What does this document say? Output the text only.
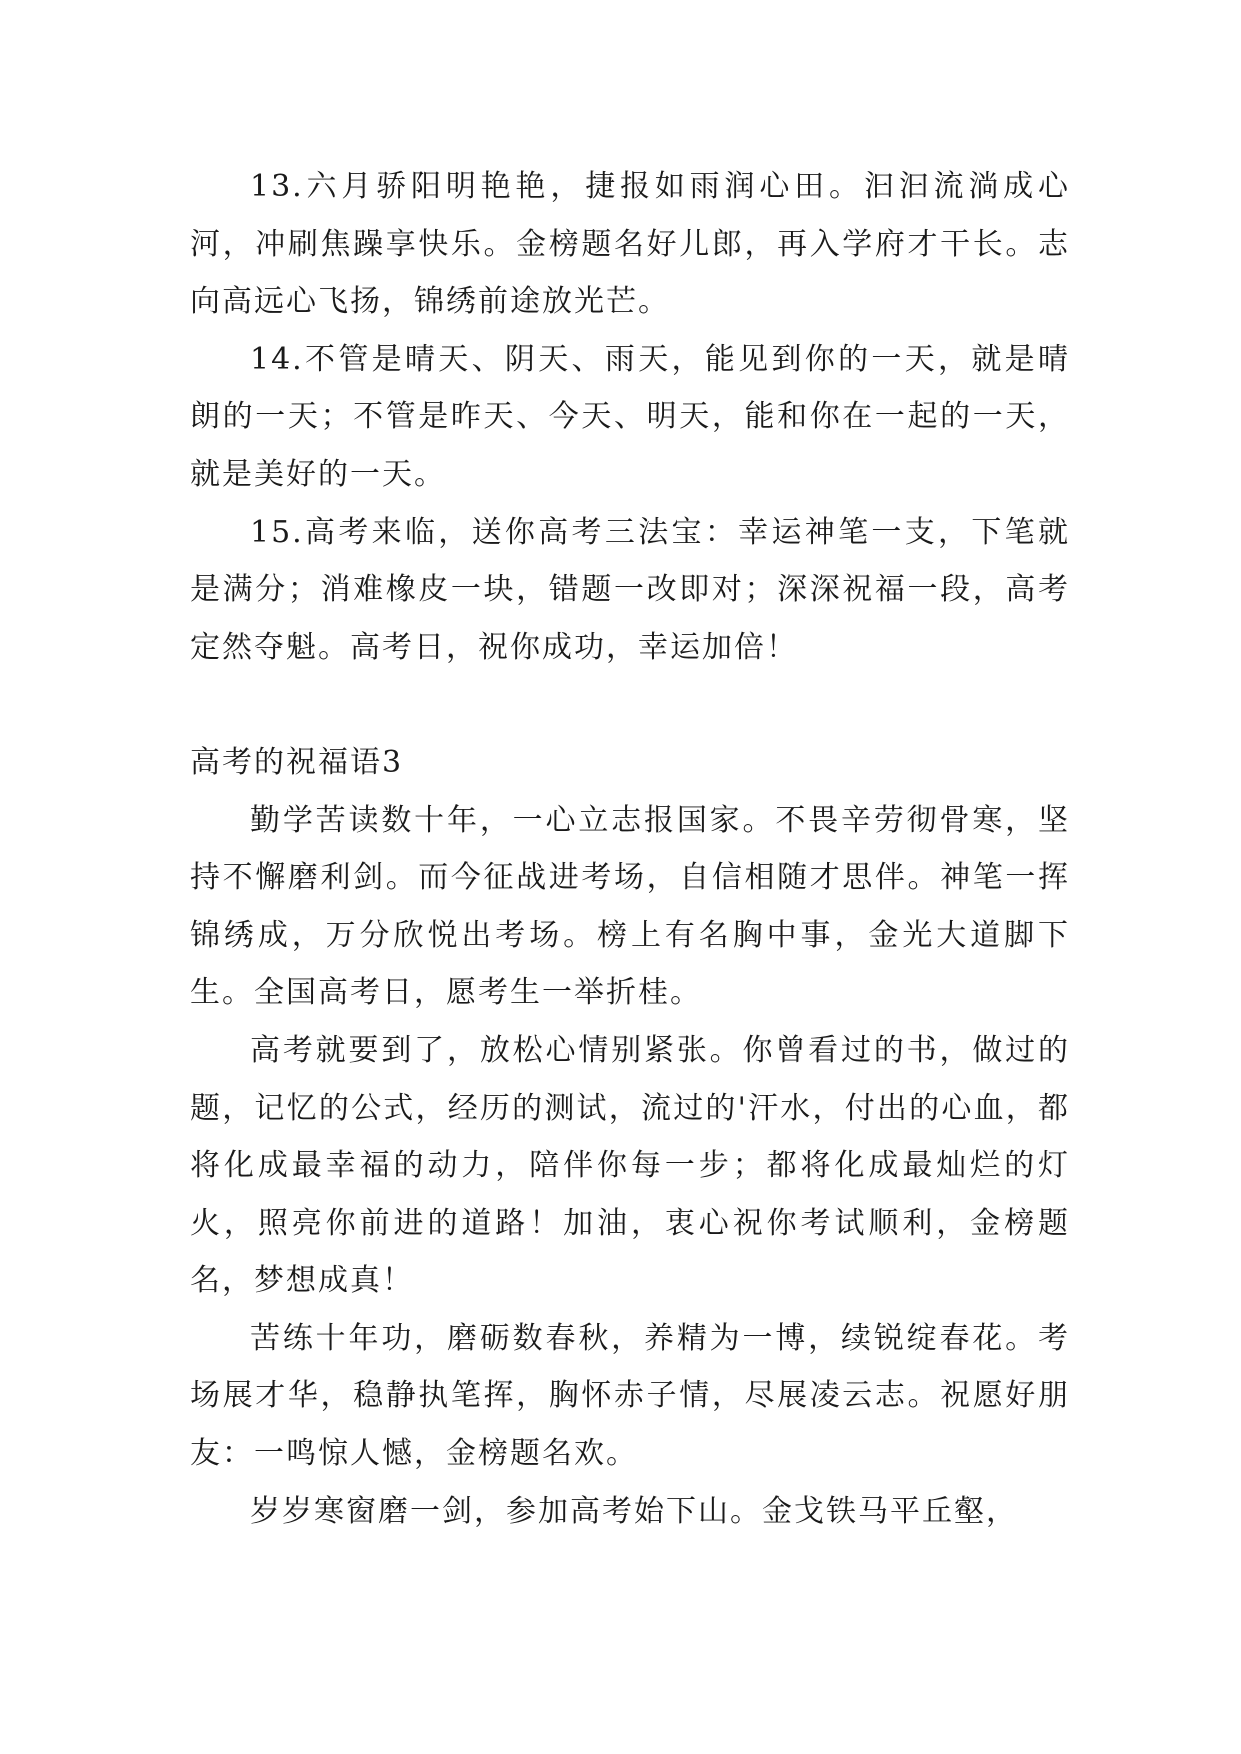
13.六月骄阳明艳艳，捷报如雨润心田。汩汩流淌成心河，冲刷焦躁享快乐。金榜题名好儿郎，再入学府才干长。志向高远心飞扬，锦绣前途放光芒。

14.不管是晴天、阴天、雨天，能见到你的一天，就是晴朗的一天；不管是昨天、今天、明天，能和你在一起的一天，就是美好的一天。

15.高考来临，送你高考三法宝：幸运神笔一支，下笔就是满分；消难橡皮一块，错题一改即对；深深祝福一段，高考定然夺魁。高考日，祝你成功，幸运加倍！

高考的祝福语3

勤学苦读数十年，一心立志报国家。不畏辛劳彻骨寒，坚持不懈磨利剑。而今征战进考场，自信相随才思伴。神笔一挥锦绣成，万分欣悦出考场。榜上有名胸中事，金光大道脚下生。全国高考日，愿考生一举折桂。

高考就要到了，放松心情别紧张。你曾看过的书，做过的题，记忆的公式，经历的测试，流过的'汗水，付出的心血，都将化成最幸福的动力，陪伴你每一步；都将化成最灿烂的灯火，照亮你前进的道路！加油，衷心祝你考试顺利，金榜题名，梦想成真！

苦练十年功，磨砺数春秋，养精为一博，续锐绽春花。考场展才华，稳静执笔挥，胸怀赤子情，尽展凌云志。祝愿好朋友：一鸣惊人憾，金榜题名欢。

岁岁寒窗磨一剑，参加高考始下山。金戈铁马平丘壑，
